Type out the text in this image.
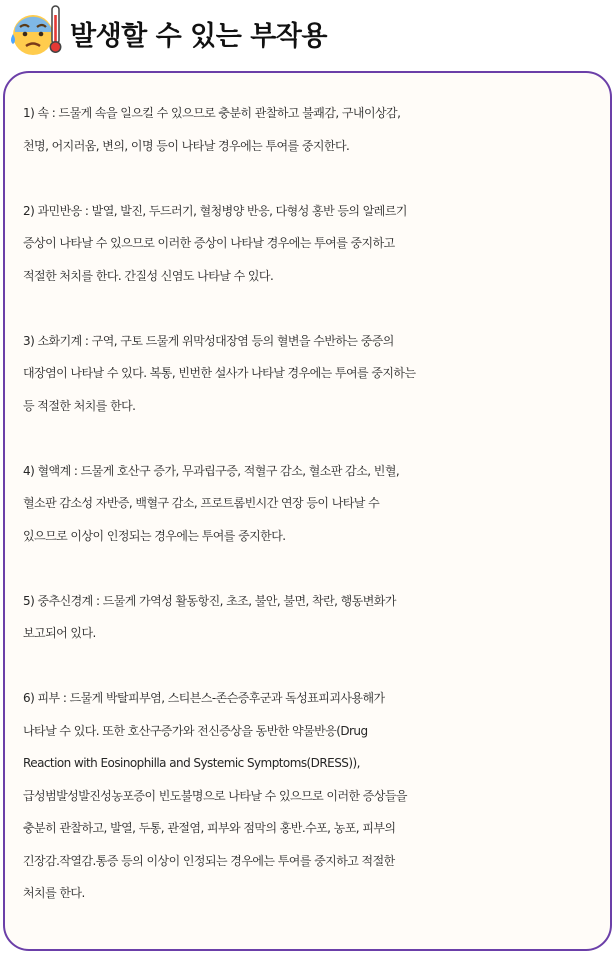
발생할 수 있는 부작용
1) 속 : 드물게 속을 일으킬 수 있으므로 충분히 관찰하고 불쾌감, 구내이상감,
천명, 어지러움, 변의, 이명 등이 나타날 경우에는 투여를 중지한다.
2) 과민반응 : 발열, 발진, 두드러기, 혈청병양 반응, 다형성 홍반 등의 알레르기
증상이 나타날 수 있으므로 이러한 증상이 나타날 경우에는 투여를 중지하고
적절한 처치를 한다. 간질성 신염도 나타날 수 있다.
3) 소화기계 : 구역, 구토 드물게 위막성대장염 등의 혈변을 수반하는 중증의
대장염이 나타날 수 있다. 복통, 빈번한 설사가 나타날 경우에는 투여를 중지하는
등 적절한 처치를 한다.
4) 혈액계 : 드물게 호산구 증가, 무과립구증, 적혈구 감소, 혈소판 감소, 빈혈,
혈소판 감소성 자반증, 백혈구 감소, 프로트롬빈시간 연장 등이 나타날 수
있으므로 이상이 인정되는 경우에는 투여를 중지한다.
5) 중추신경계 : 드물게 가역성 활동항진, 초조, 불안, 불면, 착란, 행동변화가
보고되어 있다.
6) 피부 : 드물게 박탈피부염, 스티븐스-존슨증후군과 독성표피괴사용해가
나타날 수 있다. 또한 호산구증가와 전신증상을 동반한 약물반응(Drug
Reaction with Eosinophilla and Systemic Symptoms(DRESS)),
급성범발성발진성농포증이 빈도불명으로 나타날 수 있으므로 이러한 증상들을
충분히 관찰하고, 발열, 두통, 관절염, 피부와 점막의 홍반.수포, 농포, 피부의
긴장감.작열감.통증 등의 이상이 인정되는 경우에는 투여를 중지하고 적절한
처치를 한다.
